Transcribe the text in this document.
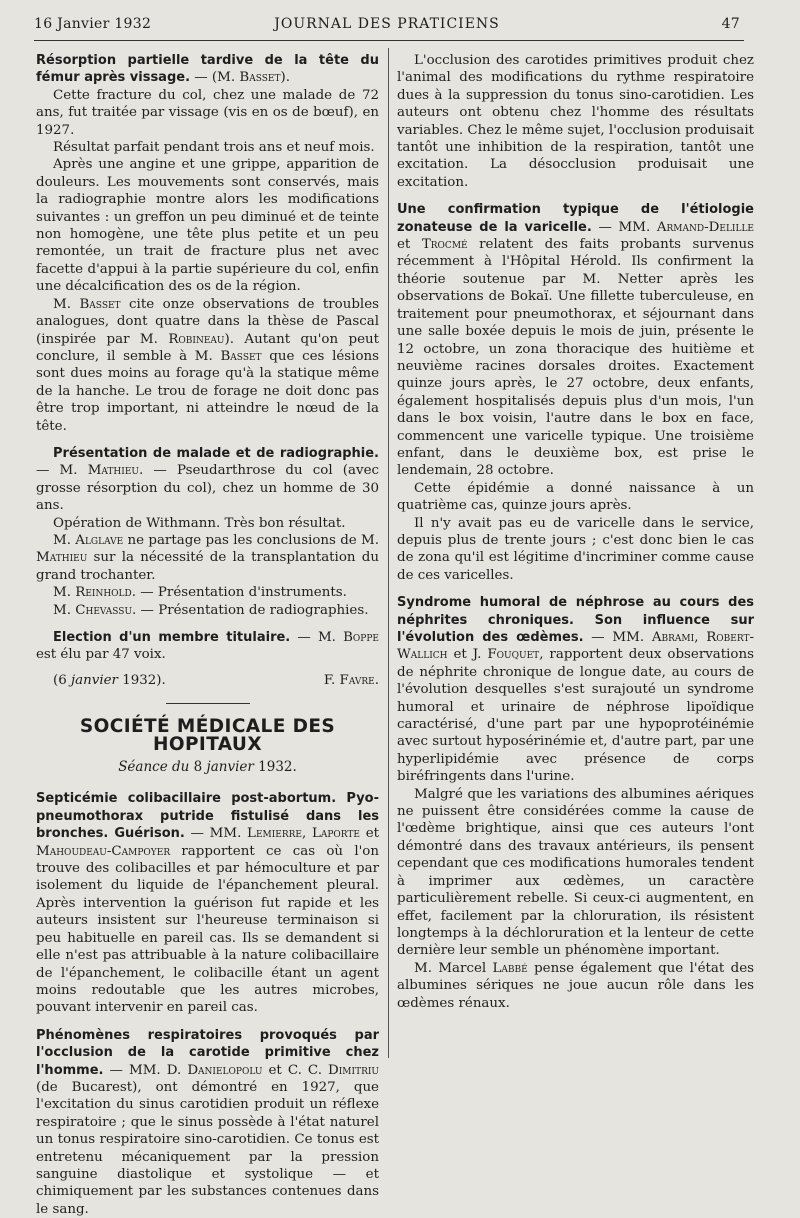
16 Janvier 1932	JOURNAL DES PRATICIENS	47

Résorption partielle tardive de la tête du fémur après vissage. — (M. Basset).

Cette fracture du col, chez une malade de 72 ans, fut traitée par vissage (vis en os de bœuf), en 1927.

Résultat parfait pendant trois ans et neuf mois.

Après une angine et une grippe, apparition de douleurs. Les mouvements sont conservés, mais la radiographie montre alors les modifications suivantes : un greffon un peu diminué et de teinte non homogène, une tête plus petite et un peu remontée, un trait de fracture plus net avec facette d'appui à la partie supérieure du col, enfin une décalcification des os de la région.

M. Basset cite onze observations de troubles analogues, dont quatre dans la thèse de Pascal (inspirée par M. Robineau). Autant qu'on peut conclure, il semble à M. Basset que ces lésions sont dues moins au forage qu'à la statique même de la hanche. Le trou de forage ne doit donc pas être trop important, ni atteindre le nœud de la tête.

Présentation de malade et de radiographie. — M. Mathieu. — Pseudarthrose du col (avec grosse résorption du col), chez un homme de 30 ans.

Opération de Withmann. Très bon résultat.

M. Alglave ne partage pas les conclusions de M. Mathieu sur la nécessité de la transplantation du grand trochanter.

M. Reinhold. — Présentation d'instruments.

M. Chevassu. — Présentation de radiographies.

Election d'un membre titulaire. — M. Boppe est élu par 47 voix.

(6 janvier 1932).	F. Favre.

SOCIÉTÉ MÉDICALE DES HOPITAUX
Séance du 8 janvier 1932.

Septicémie colibacillaire post-abortum. Pyo-pneumothorax putride fistulisé dans les bronches. Guérison. — MM. Lemierre, Laporte et Mahoudeau-Campoyer rapportent ce cas où l'on trouve des colibacilles et par hémoculture et par isolement du liquide de l'épanchement pleural. Après intervention la guérison fut rapide et les auteurs insistent sur l'heureuse terminaison si peu habituelle en pareil cas. Ils se demandent si elle n'est pas attribuable à la nature colibacillaire de l'épanchement, le colibacille étant un agent moins redoutable que les autres microbes, pouvant intervenir en pareil cas.

Phénomènes respiratoires provoqués par l'occlusion de la carotide primitive chez l'homme. — MM. D. Danielopolu et C. C. Dimitriu (de Bucarest), ont démontré en 1927, que l'excitation du sinus carotidien produit un réflexe respiratoire ; que le sinus possède à l'état naturel un tonus respiratoire sino-carotidien. Ce tonus est entretenu mécaniquement par la pression sanguine diastolique et systolique — et chimiquement par les substances contenues dans le sang.

L'occlusion des carotides primitives produit chez l'animal des modifications du rythme respiratoire dues à la suppression du tonus sino-carotidien. Les auteurs ont obtenu chez l'homme des résultats variables. Chez le même sujet, l'occlusion produisait tantôt une inhibition de la respiration, tantôt une excitation. La désocclusion produisait une excitation.

Une confirmation typique de l'étiologie zonateuse de la varicelle. — MM. Armand-Delille et Trocmé relatent des faits probants survenus récemment à l'Hôpital Hérold. Ils confirment la théorie soutenue par M. Netter après les observations de Bokaï. Une fillette tuberculeuse, en traitement pour pneumothorax, et séjournant dans une salle boxée depuis le mois de juin, présente le 12 octobre, un zona thoracique des huitième et neuvième racines dorsales droites. Exactement quinze jours après, le 27 octobre, deux enfants, également hospitalisés depuis plus d'un mois, l'un dans le box voisin, l'autre dans le box en face, commencent une varicelle typique. Une troisième enfant, dans le deuxième box, est prise le lendemain, 28 octobre.

Cette épidémie a donné naissance à un quatrième cas, quinze jours après.

Il n'y avait pas eu de varicelle dans le service, depuis plus de trente jours ; c'est donc bien le cas de zona qu'il est légitime d'incriminer comme cause de ces varicelles.

Syndrome humoral de néphrose au cours des néphrites chroniques. Son influence sur l'évolution des œdèmes. — MM. Abrami, Robert-Wallich et J. Fouquet, rapportent deux observations de néphrite chronique de longue date, au cours de l'évolution desquelles s'est surajouté un syndrome humoral et urinaire de néphrose lipoïdique caractérisé, d'une part par une hypoprotéinémie avec surtout hyposérinémie et, d'autre part, par une hyperlipidémie avec présence de corps biréfringents dans l'urine.

Malgré que les variations des albumines aériques ne puissent être considérées comme la cause de l'œdème brightique, ainsi que ces auteurs l'ont démontré dans des travaux antérieurs, ils pensent cependant que ces modifications humorales tendent à imprimer aux œdèmes, un caractère particulièrement rebelle. Si ceux-ci augmentent, en effet, facilement par la chloruration, ils résistent longtemps à la déchloruration et la lenteur de cette dernière leur semble un phénomène important.

M. Marcel Labbé pense également que l'état des albumines sériques ne joue aucun rôle dans les œdèmes rénaux.
